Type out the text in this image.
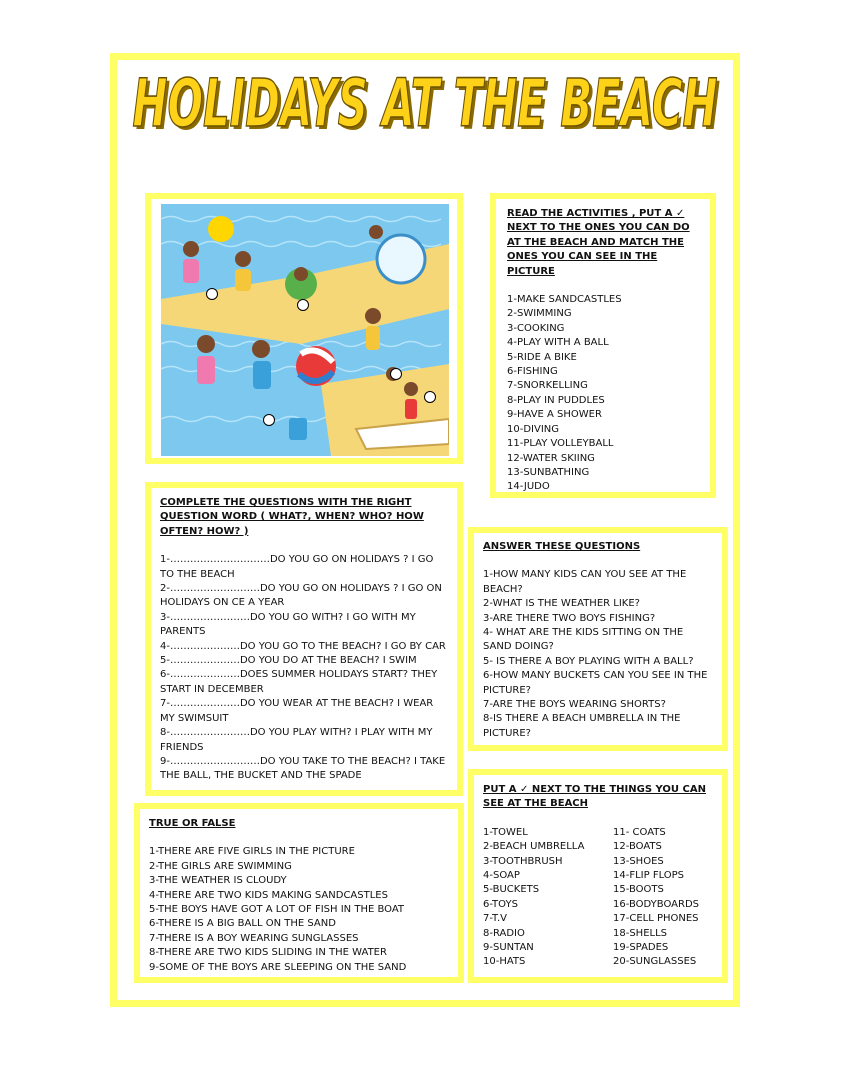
HOLIDAYS AT THE BEACH
HOLIDAYS AT THE BEACH
READ THE ACTIVITIES , PUT A ✓ NEXT TO THE ONES YOU CAN DO AT THE BEACH AND MATCH THE ONES YOU CAN SEE IN THE PICTURE
1-MAKE SANDCASTLES
2-SWIMMING
3-COOKING
4-PLAY WITH A BALL
5-RIDE A BIKE
6-FISHING
7-SNORKELLING
8-PLAY IN PUDDLES
9-HAVE A SHOWER
10-DIVING
11-PLAY VOLLEYBALL
12-WATER SKIING
13-SUNBATHING
14-JUDO
COMPLETE THE QUESTIONS WITH THE RIGHT QUESTION WORD ( WHAT?, WHEN? WHO? HOW OFTEN? HOW? )
1-…………………………DO YOU GO ON HOLIDAYS ? I GO TO THE BEACH
2-………………………DO YOU GO ON HOLIDAYS ? I GO ON HOLIDAYS ON CE A YEAR
3-……………………DO YOU GO WITH? I GO WITH MY PARENTS
4-…………………DO YOU GO TO THE BEACH? I GO BY CAR
5-…………………DO YOU DO AT THE BEACH? I SWIM
6-…………………DOES SUMMER HOLIDAYS START? THEY START IN DECEMBER
7-…………………DO YOU WEAR AT THE BEACH? I WEAR MY SWIMSUIT
8-……………………DO YOU PLAY WITH? I PLAY WITH MY FRIENDS
9-………………………DO YOU TAKE TO THE BEACH? I TAKE THE BALL, THE BUCKET AND THE SPADE
ANSWER THESE QUESTIONS
1-HOW MANY KIDS CAN YOU SEE AT THE BEACH?
2-WHAT IS THE WEATHER LIKE?
3-ARE THERE TWO BOYS FISHING?
4- WHAT ARE THE KIDS SITTING ON THE SAND DOING?
5- IS THERE A BOY PLAYING WITH A BALL?
6-HOW MANY BUCKETS CAN YOU SEE IN THE PICTURE?
7-ARE THE BOYS WEARING SHORTS?
8-IS THERE A BEACH UMBRELLA IN THE PICTURE?
TRUE OR FALSE
1-THERE ARE FIVE GIRLS IN THE PICTURE
2-THE GIRLS ARE SWIMMING
3-THE WEATHER IS CLOUDY
4-THERE ARE TWO KIDS MAKING SANDCASTLES
5-THE BOYS HAVE GOT A LOT OF FISH IN THE BOAT
6-THERE IS A BIG BALL ON THE SAND
7-THERE IS A BOY WEARING SUNGLASSES
8-THERE ARE TWO KIDS SLIDING IN THE WATER
9-SOME OF THE BOYS ARE SLEEPING ON THE SAND
PUT A ✓ NEXT TO THE THINGS YOU CAN SEE AT THE BEACH
1-TOWEL
2-BEACH UMBRELLA
3-TOOTHBRUSH
4-SOAP
5-BUCKETS
6-TOYS
7-T.V
8-RADIO
9-SUNTAN
10-HATS
11- COATS
12-BOATS
13-SHOES
14-FLIP FLOPS
15-BOOTS
16-BODYBOARDS
17-CELL PHONES
18-SHELLS
19-SPADES
20-SUNGLASSES
